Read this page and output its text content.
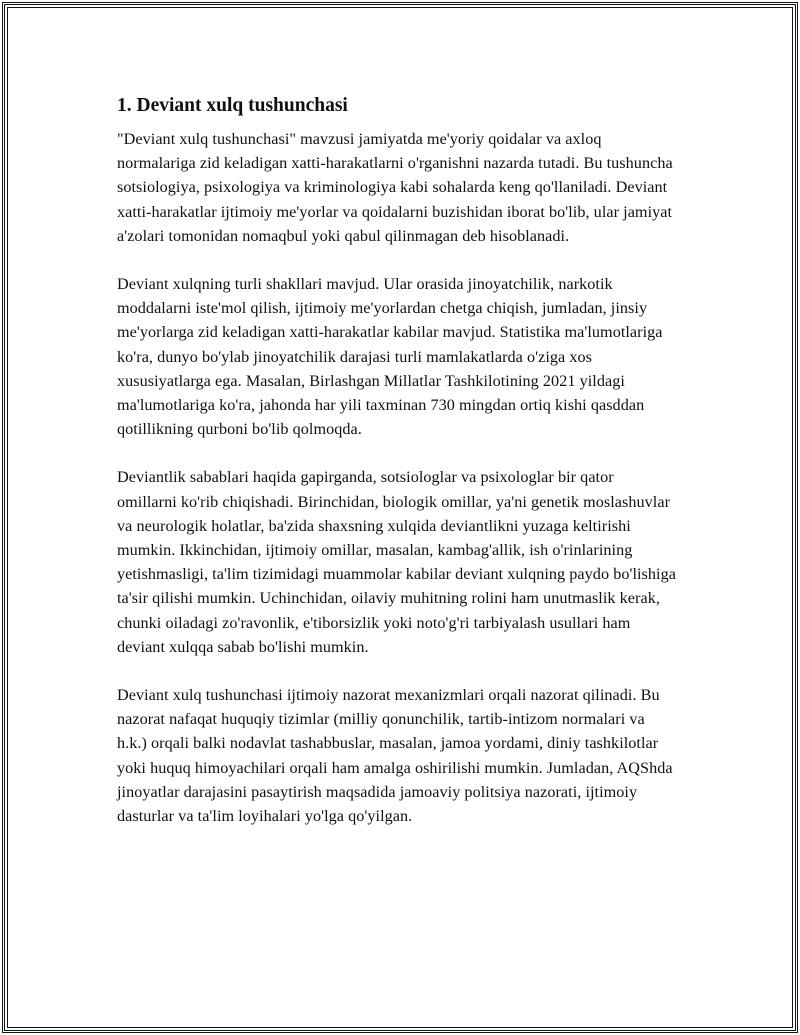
1. Deviant xulq tushunchasi

"Deviant xulq tushunchasi" mavzusi jamiyatda me'yoriy qoidalar va axloq normalariga zid keladigan xatti-harakatlarni o'rganishni nazarda tutadi. Bu tushuncha sotsiologiya, psixologiya va kriminologiya kabi sohalarda keng qo'llaniladi. Deviant xatti-harakatlar ijtimoiy me'yorlar va qoidalarni buzishidan iborat bo'lib, ular jamiyat a'zolari tomonidan nomaqbul yoki qabul qilinmagan deb hisoblanadi.

Deviant xulqning turli shakllari mavjud. Ular orasida jinoyatchilik, narkotik moddalarni iste'mol qilish, ijtimoiy me'yorlardan chetga chiqish, jumladan, jinsiy me'yorlarga zid keladigan xatti-harakatlar kabilar mavjud. Statistika ma'lumotlariga ko'ra, dunyo bo'ylab jinoyatchilik darajasi turli mamlakatlarda o'ziga xos xususiyatlarga ega. Masalan, Birlashgan Millatlar Tashkilotining 2021 yildagi ma'lumotlariga ko'ra, jahonda har yili taxminan 730 mingdan ortiq kishi qasddan qotillikning qurboni bo'lib qolmoqda.

Deviantlik sabablari haqida gapirganda, sotsiologlar va psixologlar bir qator omillarni ko'rib chiqishadi. Birinchidan, biologik omillar, ya'ni genetik moslashuvlar va neurologik holatlar, ba'zida shaxsning xulqida deviantlikni yuzaga keltirishi mumkin. Ikkinchidan, ijtimoiy omillar, masalan, kambag'allik, ish o'rinlarining yetishmasligi, ta'lim tizimidagi muammolar kabilar deviant xulqning paydo bo'lishiga ta'sir qilishi mumkin. Uchinchidan, oilaviy muhitning rolini ham unutmaslik kerak, chunki oiladagi zo'ravonlik, e'tiborsizlik yoki noto'g'ri tarbiyalash usullari ham deviant xulqqa sabab bo'lishi mumkin.

Deviant xulq tushunchasi ijtimoiy nazorat mexanizmlari orqali nazorat qilinadi. Bu nazorat nafaqat huquqiy tizimlar (milliy qonunchilik, tartib-intizom normalari va h.k.) orqali balki nodavlat tashabbuslar, masalan, jamoa yordami, diniy tashkilotlar yoki huquq himoyachilari orqali ham amalga oshirilishi mumkin. Jumladan, AQShda jinoyatlar darajasini pasaytirish maqsadida jamoaviy politsiya nazorati, ijtimoiy dasturlar va ta'lim loyihalari yo'lga qo'yilgan.
